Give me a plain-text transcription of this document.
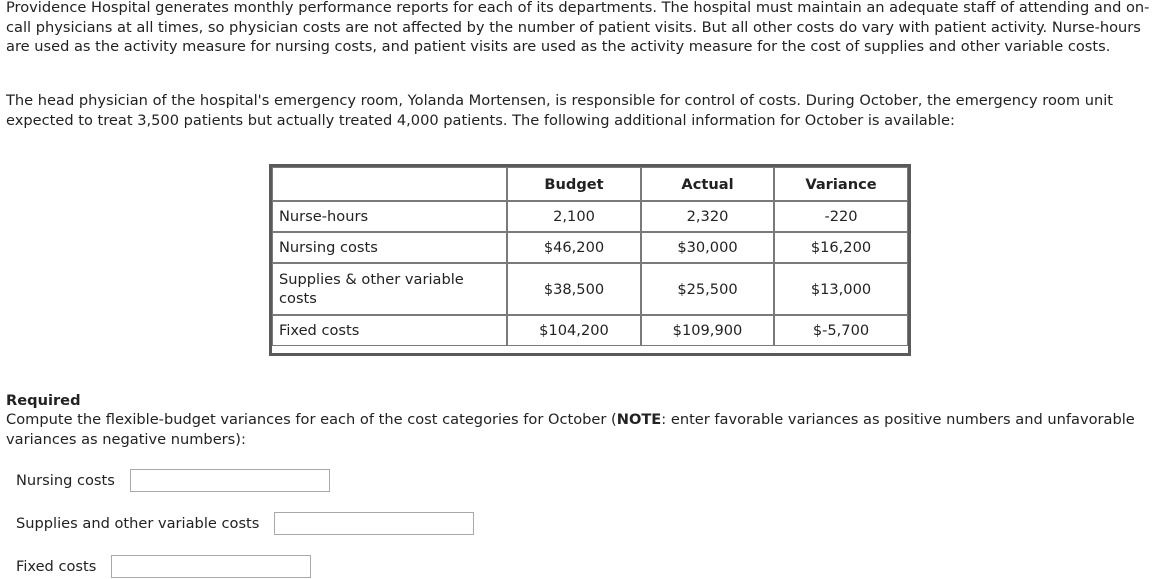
Providence Hospital generates monthly performance reports for each of its departments. The hospital must maintain an adequate staff of attending and on-call physicians at all times, so physician costs are not affected by the number of patient visits. But all other costs do vary with patient activity. Nurse-hours are used as the activity measure for nursing costs, and patient visits are used as the activity measure for the cost of supplies and other variable costs.

The head physician of the hospital's emergency room, Yolanda Mortensen, is responsible for control of costs. During October, the emergency room unit expected to treat 3,500 patients but actually treated 4,000 patients. The following additional information for October is available:

	Budget	Actual	Variance
Nurse-hours	2,100	2,320	-220
Nursing costs	$46,200	$30,000	$16,200
Supplies & other variable costs	$38,500	$25,500	$13,000
Fixed costs	$104,200	$109,900	$-5,700

Required

Compute the flexible-budget variances for each of the cost categories for October (NOTE: enter favorable variances as positive numbers and unfavorable variances as negative numbers):

Nursing costs
Supplies and other variable costs
Fixed costs
